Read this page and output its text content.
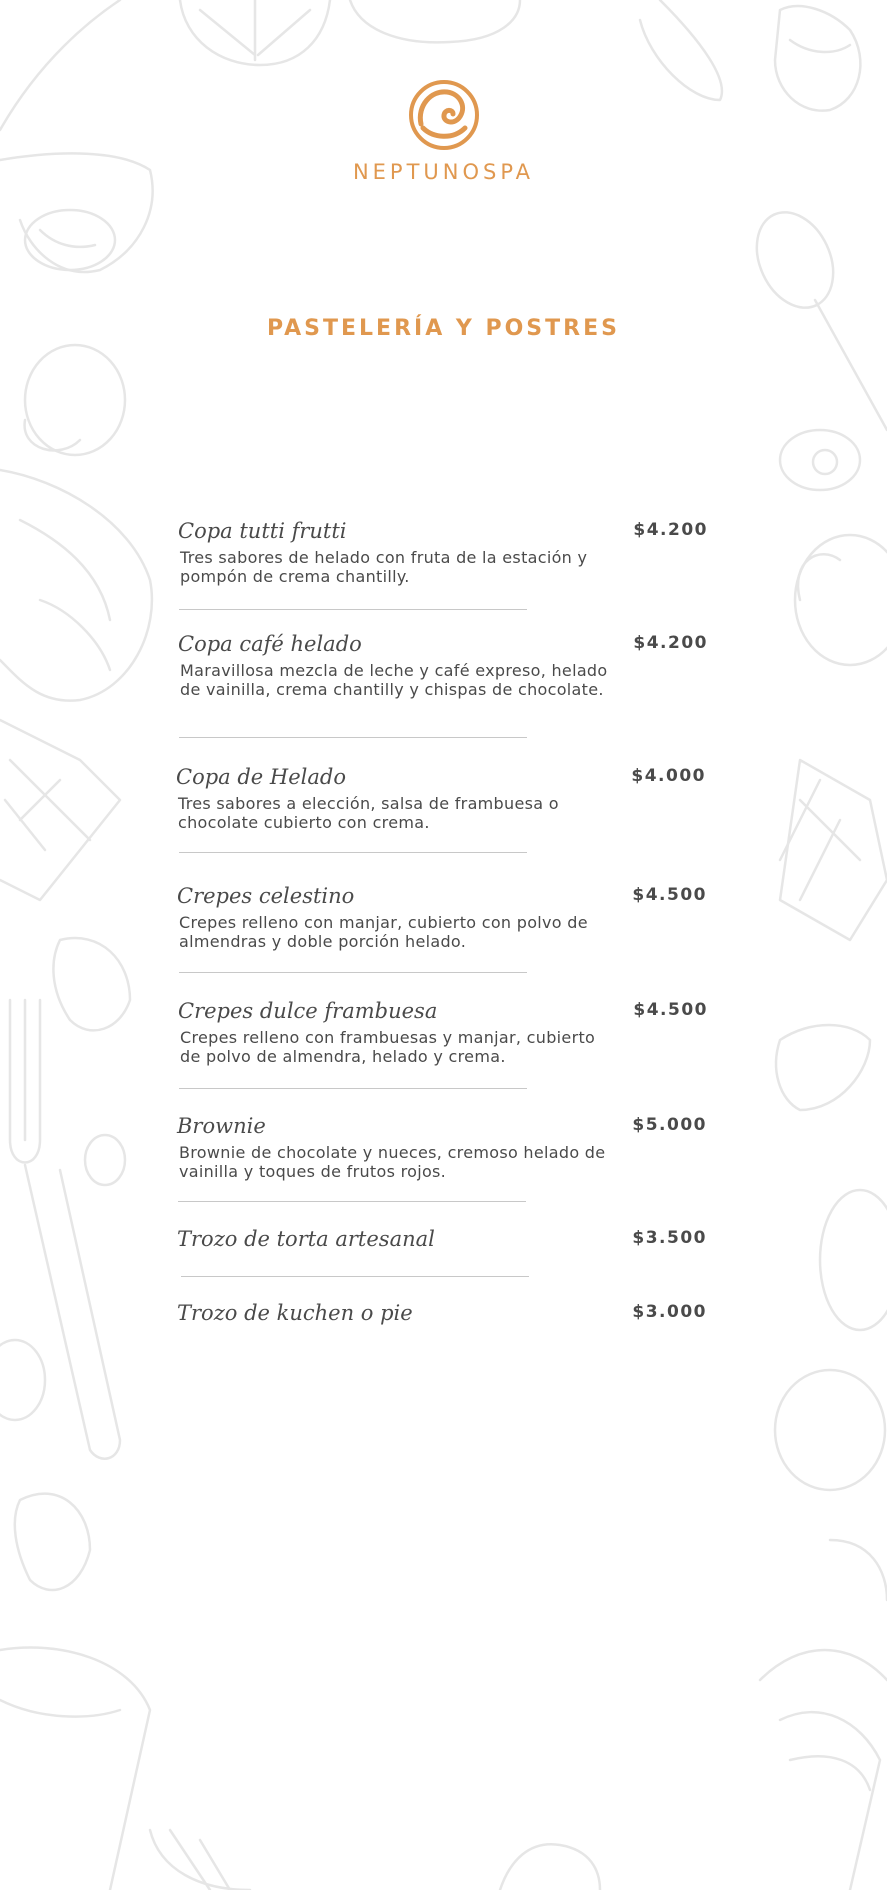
NEPTUNOSPA
PASTELERÍA Y POSTRES

Copa tutti frutti

Tres sabores de helado con fruta de la estación y pompón de crema chantilly.

$4.200

Copa café helado

Maravillosa mezcla de leche y café expreso, helado de vainilla, crema chantilly y chispas de chocolate.

$4.200

Copa de Helado

Tres sabores a elección, salsa de frambuesa o chocolate cubierto con crema.

$4.000

Crepes celestino

Crepes relleno con manjar, cubierto con polvo de almendras y doble porción helado.

$4.500

Crepes dulce frambuesa

Crepes relleno con frambuesas y manjar, cubierto de polvo de almendra, helado y crema.

$4.500

Brownie

Brownie de chocolate y nueces, cremoso helado de vainilla y toques de frutos rojos.

$5.000

Trozo de torta artesanal	$3.500

Trozo de kuchen o pie	$3.000
